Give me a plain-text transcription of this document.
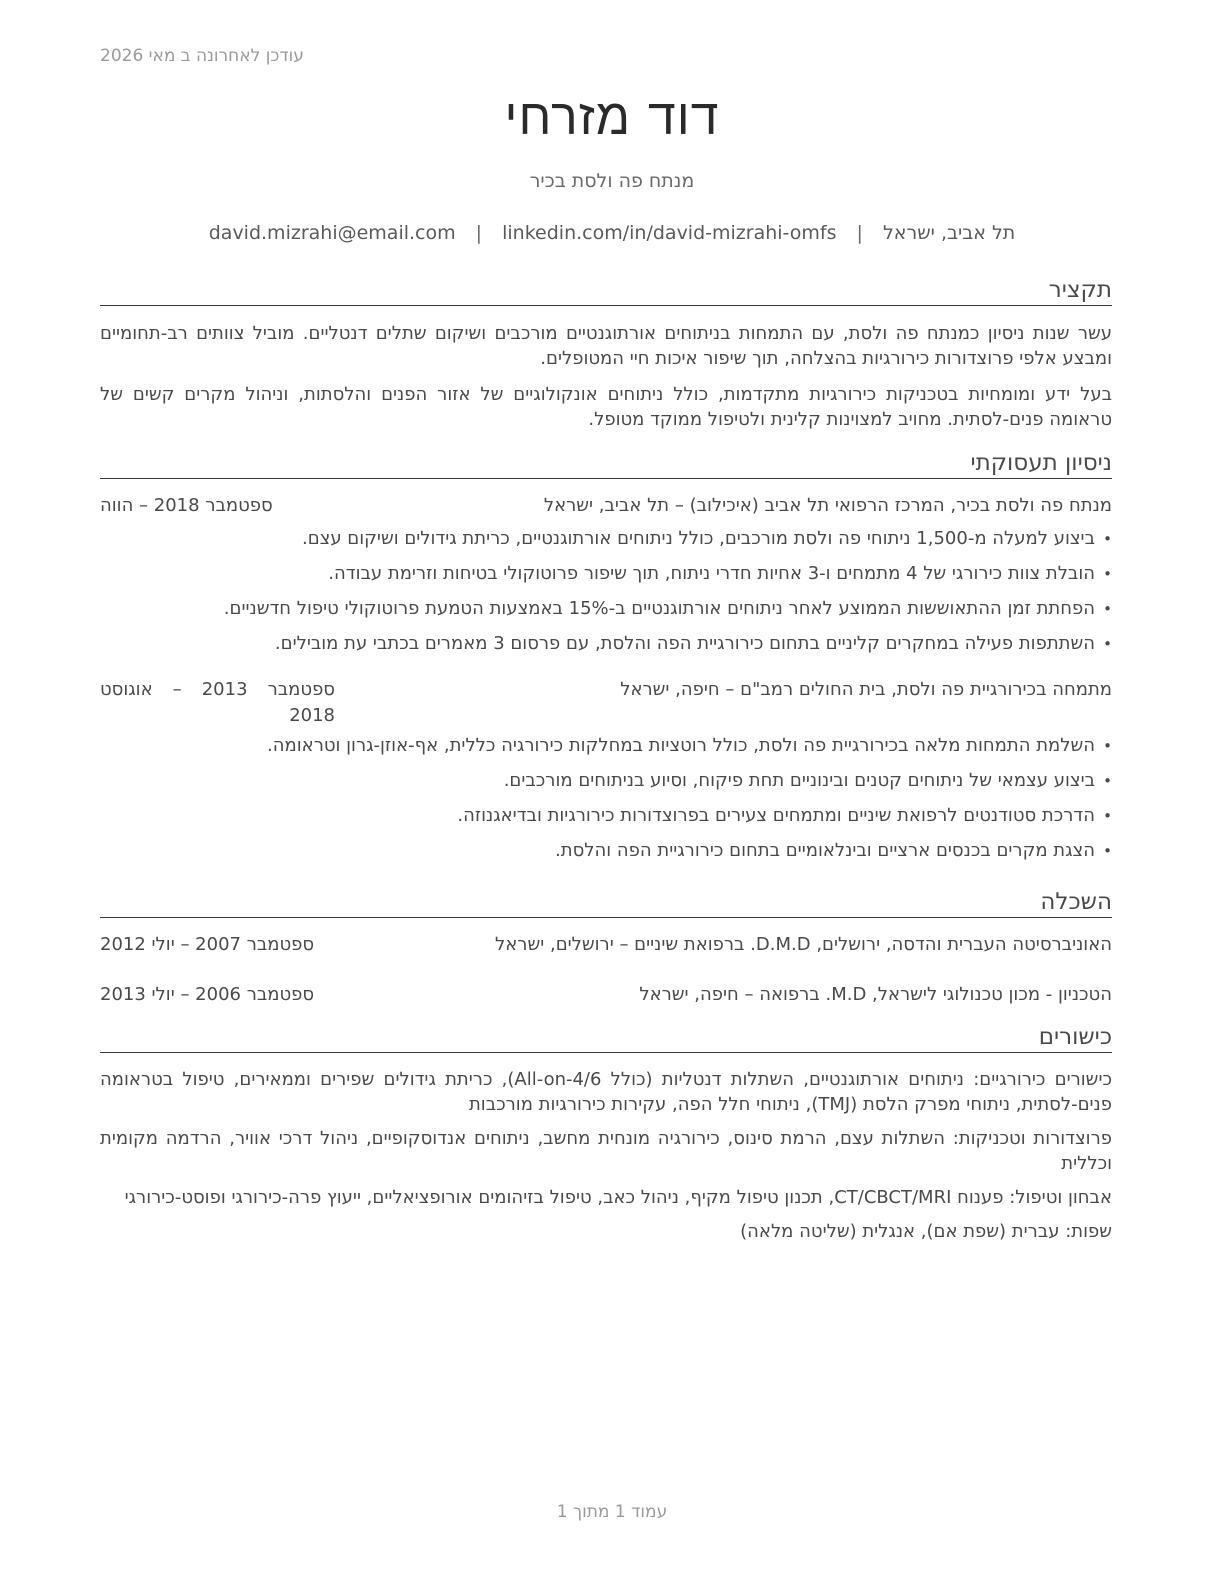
עודכן לאחרונה ב מאי 2026
דוד מזרחי
מנתח פה ולסת בכיר
תל אביב, ישראל | david.mizrahi@email.com | linkedin.com/in/david-mizrahi-omfs
תקציר

עשר שנות ניסיון כמנתח פה ולסת, עם התמחות בניתוחים אורתוגנטיים מורכבים ושיקום שתלים דנטליים. מוביל צוותים רב-תחומיים ומבצע אלפי פרוצדורות כירורגיות בהצלחה, תוך שיפור איכות חיי המטופלים.

בעל ידע ומומחיות בטכניקות כירורגיות מתקדמות, כולל ניתוחים אונקולוגיים של אזור הפנים והלסתות, וניהול מקרים קשים של טראומה פנים-לסתית. מחויב למצוינות קלינית ולטיפול ממוקד מטופל.

ניסיון תעסוקתי
מנתח פה ולסת בכיר, המרכז הרפואי תל אביב (איכילוב) – תל אביב, ישראל
ספטמבר 2018 – הווה
• ביצוע למעלה מ-1,500 ניתוחי פה ולסת מורכבים, כולל ניתוחים אורתוגנטיים, כריתת גידולים ושיקום עצם.
• הובלת צוות כירורגי של 4 מתמחים ו-3 אחיות חדרי ניתוח, תוך שיפור פרוטוקולי בטיחות וזרימת עבודה.
• הפחתת זמן ההתאוששות הממוצע לאחר ניתוחים אורתוגנטיים ב-15% באמצעות הטמעת פרוטוקולי טיפול חדשניים.
• השתתפות פעילה במחקרים קליניים בתחום כירורגיית הפה והלסת, עם פרסום 3 מאמרים בכתבי עת מובילים.
מתמחה בכירורגיית פה ולסת, בית החולים רמב"ם – חיפה, ישראל
ספטמבר 2013 – אוגוסט 2018
• השלמת התמחות מלאה בכירורגיית פה ולסת, כולל רוטציות במחלקות כירורגיה כללית, אף-אוזן-גרון וטראומה.
• ביצוע עצמאי של ניתוחים קטנים ובינוניים תחת פיקוח, וסיוע בניתוחים מורכבים.
• הדרכת סטודנטים לרפואת שיניים ומתמחים צעירים בפרוצדורות כירורגיות ובדיאגנוזה.
• הצגת מקרים בכנסים ארציים ובינלאומיים בתחום כירורגיית הפה והלסת.
השכלה
האוניברסיטה העברית והדסה, ירושלים, D.M.D. ברפואת שיניים – ירושלים, ישראל
ספטמבר 2007 – יולי 2012
הטכניון - מכון טכנולוגי לישראל, M.D. ברפואה – חיפה, ישראל
ספטמבר 2006 – יולי 2013
כישורים

כישורים כירורגיים: ניתוחים אורתוגנטיים, השתלות דנטליות (כולל All-on-4/6), כריתת גידולים שפירים וממאירים, טיפול בטראומה פנים-לסתית, ניתוחי מפרק הלסת (TMJ), ניתוחי חלל הפה, עקירות כירורגיות מורכבות

פרוצדורות וטכניקות: השתלות עצם, הרמת סינוס, כירורגיה מונחית מחשב, ניתוחים אנדוסקופיים, ניהול דרכי אוויר, הרדמה מקומית וכללית

אבחון וטיפול: פענוח CT/CBCT/MRI, תכנון טיפול מקיף, ניהול כאב, טיפול בזיהומים אורופציאליים, ייעוץ פרה-כירורגי ופוסט-כירורגי

שפות: עברית (שפת אם), אנגלית (שליטה מלאה)

עמוד 1 מתוך 1
